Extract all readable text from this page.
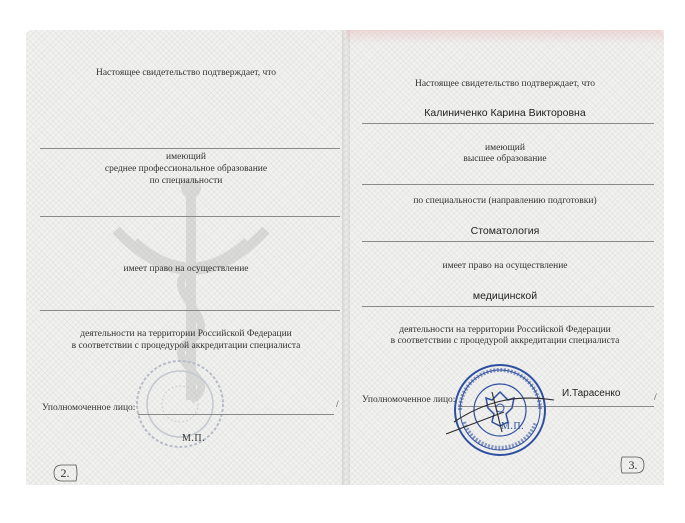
Настоящее свидетельство подтверждает, что
имеющий
среднее профессиональное образование
по специальности
имеет право на осуществление
деятельности на территории Российской Федерации
в соответствии с процедурой аккредитации специалиста
Уполномоченное лицо:	/
М.П.
2.
Настоящее свидетельство подтверждает, что
Калиниченко Карина Викторовна
имеющий
высшее образование
по специальности (направлению подготовки)
Стоматология
имеет право на осуществление
медицинской
деятельности на территории Российской Федерации
в соответствии с процедурой аккредитации специалиста
Уполномоченное лицо:
И.Тарасенко	/
М.П.
3.
